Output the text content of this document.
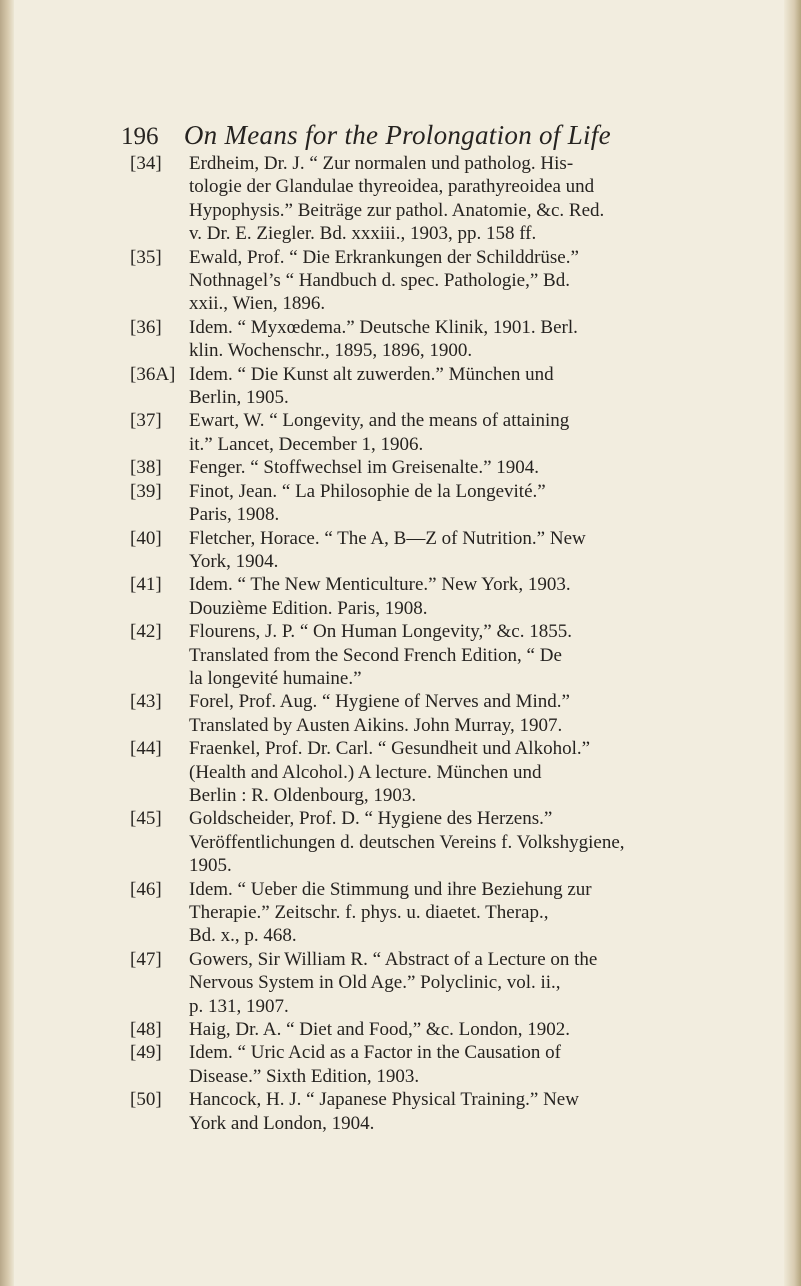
196 On Means for the Prolongation of Life
[34] Erdheim, Dr. J. “ Zur normalen und patholog. His-
tologie der Glandulae thyreoidea, parathyreoidea und
Hypophysis.” Beiträge zur pathol. Anatomie, &c. Red.
v. Dr. E. Ziegler. Bd. xxxiii., 1903, pp. 158 ff.
[35] Ewald, Prof. “ Die Erkrankungen der Schilddrüse.”
Nothnagel’s “ Handbuch d. spec. Pathologie,” Bd.
xxii., Wien, 1896.
[36] Idem. “ Myxœdema.” Deutsche Klinik, 1901. Berl.
klin. Wochenschr., 1895, 1896, 1900.
[36A] Idem. “ Die Kunst alt zuwerden.” München und
Berlin, 1905.
[37] Ewart, W. “ Longevity, and the means of attaining
it.” Lancet, December 1, 1906.
[38] Fenger. “ Stoffwechsel im Greisenalte.” 1904.
[39] Finot, Jean. “ La Philosophie de la Longevité.”
Paris, 1908.
[40] Fletcher, Horace. “ The A, B—Z of Nutrition.” New
York, 1904.
[41] Idem. “ The New Menticulture.” New York, 1903.
Douzième Edition. Paris, 1908.
[42] Flourens, J. P. “ On Human Longevity,” &c. 1855.
Translated from the Second French Edition, “ De
la longevité humaine.”
[43] Forel, Prof. Aug. “ Hygiene of Nerves and Mind.”
Translated by Austen Aikins. John Murray, 1907.
[44] Fraenkel, Prof. Dr. Carl. “ Gesundheit und Alkohol.”
(Health and Alcohol.) A lecture. München und
Berlin : R. Oldenbourg, 1903.
[45] Goldscheider, Prof. D. “ Hygiene des Herzens.”
Veröffentlichungen d. deutschen Vereins f. Volkshygiene,
1905.
[46] Idem. “ Ueber die Stimmung und ihre Beziehung zur
Therapie.” Zeitschr. f. phys. u. diaetet. Therap.,
Bd. x., p. 468.
[47] Gowers, Sir William R. “ Abstract of a Lecture on the
Nervous System in Old Age.” Polyclinic, vol. ii.,
p. 131, 1907.
[48] Haig, Dr. A. “ Diet and Food,” &c. London, 1902.
[49] Idem. “ Uric Acid as a Factor in the Causation of
Disease.” Sixth Edition, 1903.
[50] Hancock, H. J. “ Japanese Physical Training.” New
York and London, 1904.
